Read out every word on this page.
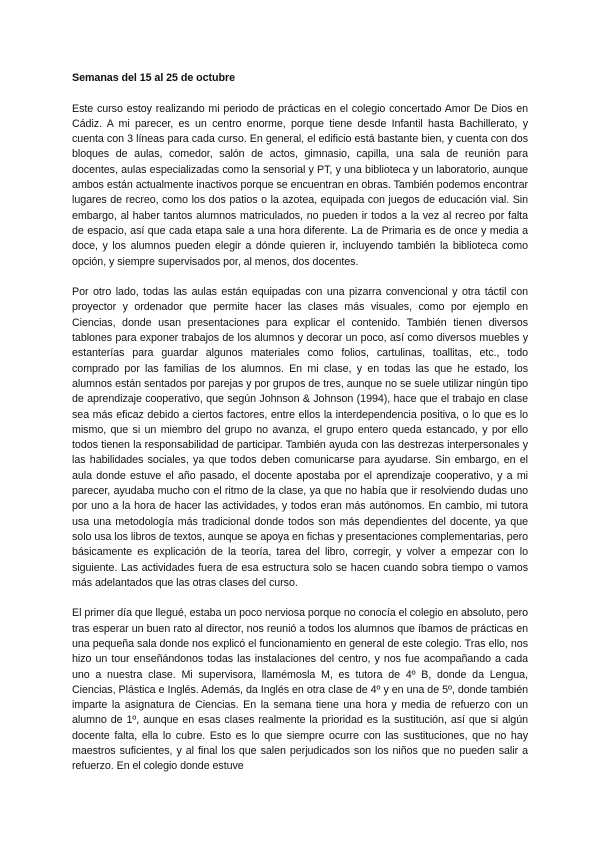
Semanas del 15 al 25 de octubre
Este curso estoy realizando mi periodo de prácticas en el colegio concertado Amor De Dios en Cádiz. A mi parecer, es un centro enorme, porque tiene desde Infantil hasta Bachillerato, y cuenta con 3 líneas para cada curso. En general, el edificio está bastante bien, y cuenta con dos bloques de aulas, comedor, salón de actos, gimnasio, capilla, una sala de reunión para docentes, aulas especializadas como la sensorial y PT, y una biblioteca y un laboratorio, aunque ambos están actualmente inactivos porque se encuentran en obras. También podemos encontrar lugares de recreo, como los dos patios o la azotea, equipada con juegos de educación vial. Sin embargo, al haber tantos alumnos matriculados, no pueden ir todos a la vez al recreo por falta de espacio, así que cada etapa sale a una hora diferente. La de Primaria es de once y media a doce, y los alumnos pueden elegir a dónde quieren ir, incluyendo también la biblioteca como opción, y siempre supervisados por, al menos, dos docentes.
Por otro lado, todas las aulas están equipadas con una pizarra convencional y otra táctil con proyector y ordenador que permite hacer las clases más visuales, como por ejemplo en Ciencias, donde usan presentaciones para explicar el contenido. También tienen diversos tablones para exponer trabajos de los alumnos y decorar un poco, así como diversos muebles y estanterías para guardar algunos materiales como folios, cartulinas, toallitas, etc., todo comprado por las familias de los alumnos. En mi clase, y en todas las que he estado, los alumnos están sentados por parejas y por grupos de tres, aunque no se suele utilizar ningún tipo de aprendizaje cooperativo, que según Johnson & Johnson (1994), hace que el trabajo en clase sea más eficaz debido a ciertos factores, entre ellos la interdependencia positiva, o lo que es lo mismo, que si un miembro del grupo no avanza, el grupo entero queda estancado, y por ello todos tienen la responsabilidad de participar. También ayuda con las destrezas interpersonales y las habilidades sociales, ya que todos deben comunicarse para ayudarse. Sin embargo, en el aula donde estuve el año pasado, el docente apostaba por el aprendizaje cooperativo, y a mi parecer, ayudaba mucho con el ritmo de la clase, ya que no había que ir resolviendo dudas uno por uno a la hora de hacer las actividades, y todos eran más autónomos. En cambio, mi tutora usa una metodología más tradicional donde todos son más dependientes del docente, ya que solo usa los libros de textos, aunque se apoya en fichas y presentaciones complementarias, pero básicamente es explicación de la teoría, tarea del libro, corregir, y volver a empezar con lo siguiente. Las actividades fuera de esa estructura solo se hacen cuando sobra tiempo o vamos más adelantados que las otras clases del curso.
El primer día que llegué, estaba un poco nerviosa porque no conocía el colegio en absoluto, pero tras esperar un buen rato al director, nos reunió a todos los alumnos que íbamos de prácticas en una pequeña sala donde nos explicó el funcionamiento en general de este colegio. Tras ello, nos hizo un tour enseñándonos todas las instalaciones del centro, y nos fue acompañando a cada uno a nuestra clase. Mi supervisora, llamémosla M, es tutora de 4º B, donde da Lengua, Ciencias, Plástica e Inglés. Además, da Inglés en otra clase de 4º y en una de 5º, donde también imparte la asignatura de Ciencias. En la semana tiene una hora y media de refuerzo con un alumno de 1º, aunque en esas clases realmente la prioridad es la sustitución, así que si algún docente falta, ella lo cubre. Esto es lo que siempre ocurre con las sustituciones, que no hay maestros suficientes, y al final los que salen perjudicados son los niños que no pueden salir a refuerzo. En el colegio donde estuve
